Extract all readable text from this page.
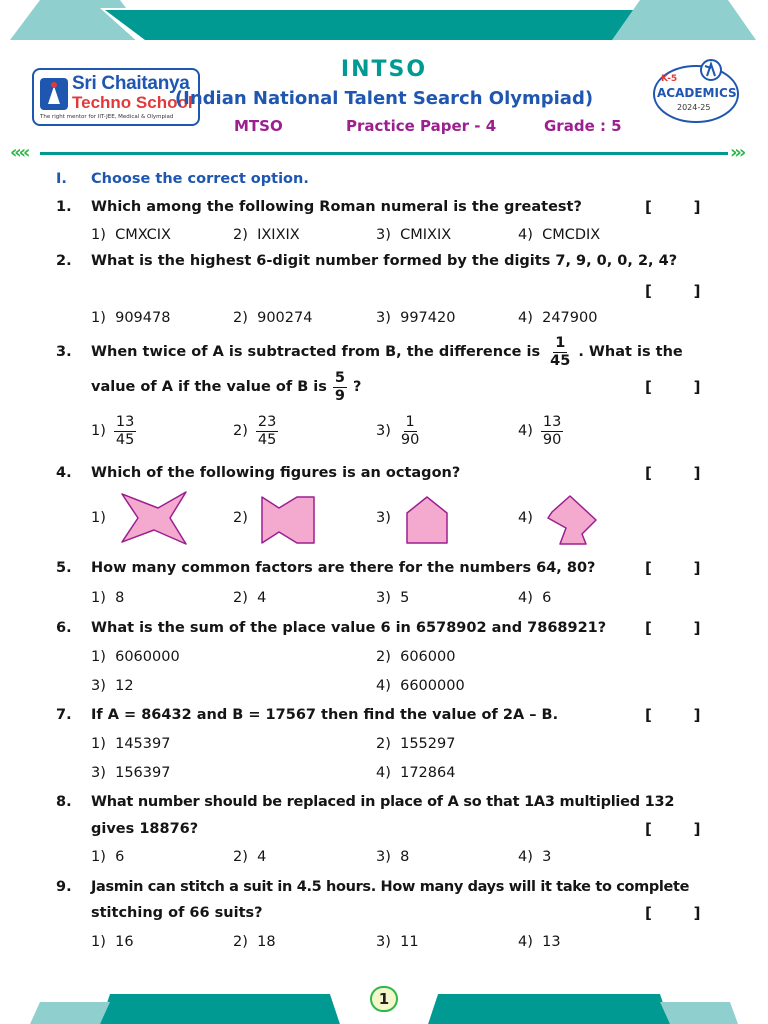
Sri Chaitanya
Techno School
The right mentor for IIT-JEE, Medical & Olympiad
INTSO
(Indian National Talent Search Olympiad)
MTSO	Practice Paper - 4	Grade : 5
K-5
ACADEMICS
2024-25
«‹‹	›››
I. Choose the correct option.
1. Which among the following Roman numeral is the greatest?	[        ]
1)  CMXCIX	2)  IXIXIX	3)  CMIXIX	4)  CMCDIX
2. What is the highest 6-digit number formed by the digits 7, 9, 0, 0, 2, 4?
[        ]
1)  909478	2)  900274	3)  997420	4)  247900
3. When twice of A is subtracted from B, the difference is $\frac{1}{45}$ . What is the
value of A if the value of B is $\frac{5}{9}$ ?	[        ]
$1) \frac{13}{45}$	$2) \frac{23}{45}$	$3) \frac{1}{90}$	$4) \frac{13}{90}$
4. Which of the following figures is an octagon?	[        ]
1)	2)	3)	4)
5. How many common factors are there for the numbers 64, 80?	[        ]
1)  8	2)  4	3)  5	4)  6
6. What is the sum of the place value 6 in 6578902 and 7868921?	[        ]
1)  6060000	2)  606000
3)  12	4)  6600000
7. If A = 86432 and B = 17567 then find the value of 2A – B.	[        ]
1)  145397	2)  155297
3)  156397	4)  172864
8. What number should be replaced in place of A so that 1A3 multiplied 132
gives 18876?	[        ]
1)  6	2)  4	3)  8	4)  3
9. Jasmin can stitch a suit in 4.5 hours. How many days will it take to complete
stitching of 66 suits?	[        ]
1)  16	2)  18	3)  11	4)  13
1
